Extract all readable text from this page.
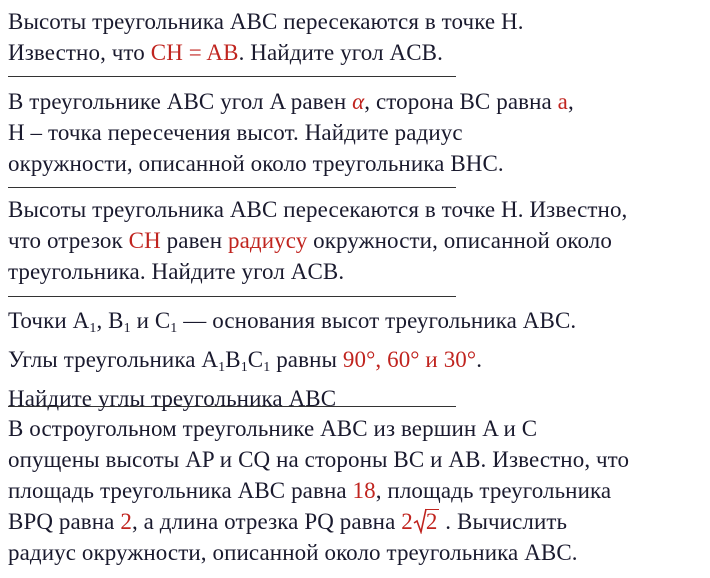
Высоты треугольника ABC пересекаются в точке H.
Известно, что CH = AB. Найдите угол ACB.
В треугольнике ABC угол A равен α, сторона BC равна a,
H – точка пересечения высот. Найдите радиус
окружности, описанной около треугольника BHC.
Высоты треугольника ABC пересекаются в точке H. Известно,
что отрезок CH равен радиусу окружности, описанной около
треугольника. Найдите угол ACB.
Точки $A_1$, $B_1$ и $C_1$ — основания высот треугольника ABC.
Углы треугольника $A_1B_1C_1$ равны 90°, 60° и 30°.
Найдите углы треугольника ABC
В остроугольном треугольнике ABC из вершин A и C
опущены высоты AP и CQ на стороны BC и AB. Известно, что
площадь треугольника ABC равна 18, площадь треугольника
BPQ равна 2, а длина отрезка PQ равна 2 2 . Вычислить
радиус окружности, описанной около треугольника ABC.
